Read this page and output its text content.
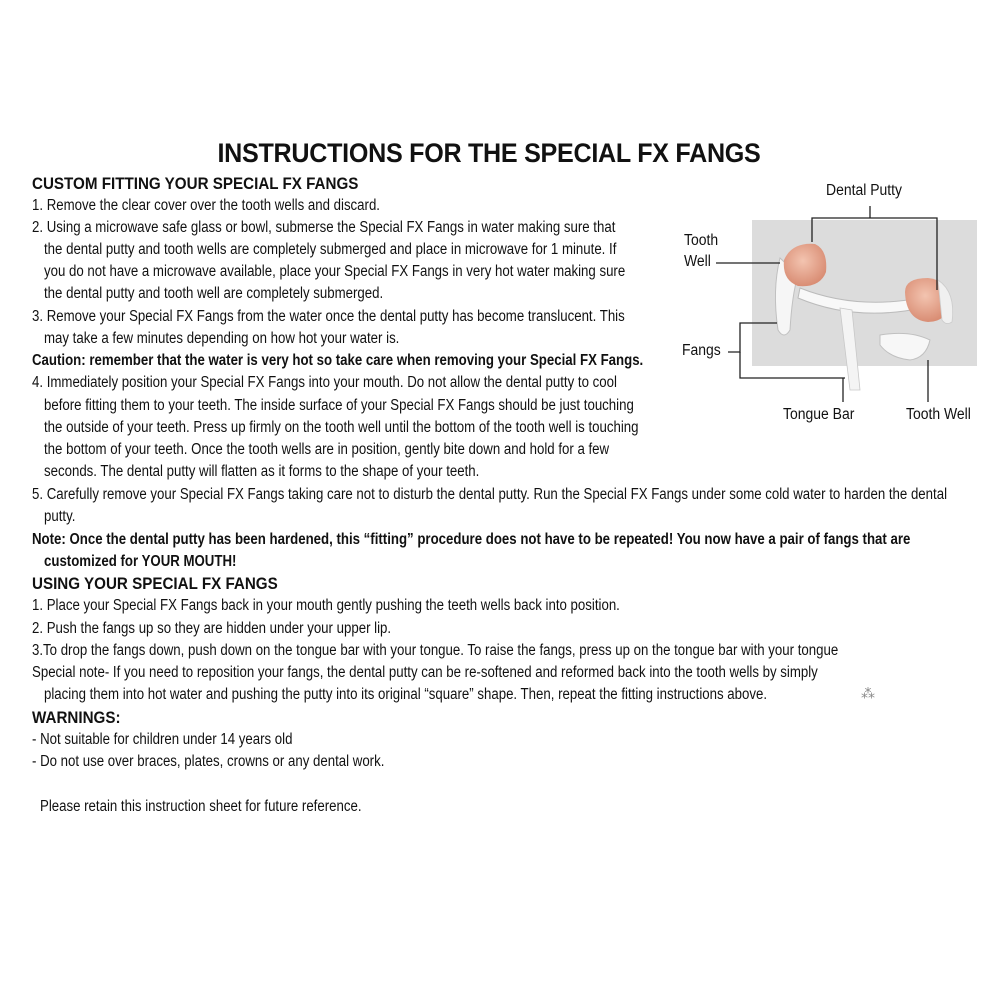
INSTRUCTIONS FOR THE SPECIAL FX FANGS
CUSTOM FITTING YOUR SPECIAL FX FANGS
1. Remove the clear cover over the tooth wells and discard.
2. Using a microwave safe glass or bowl, submerse the Special FX Fangs in water making sure that
the dental putty and tooth wells are completely submerged and place in microwave for 1 minute. If
you do not have a microwave available, place your Special FX Fangs in very hot water making sure
the dental putty and tooth well are completely submerged.
3. Remove your Special FX Fangs from the water once the dental putty has become translucent. This
may take a few minutes depending on how hot your water is.
Caution: remember that the water is very hot so take care when removing your Special FX Fangs.
4. Immediately position your Special FX Fangs into your mouth. Do not allow the dental putty to cool
before fitting them to your teeth. The inside surface of your Special FX Fangs should be just touching
the outside of your teeth. Press up firmly on the tooth well until the bottom of the tooth well is touching
the bottom of your teeth. Once the tooth wells are in position, gently bite down and hold for a few
seconds. The dental putty will flatten as it forms to the shape of your teeth.
5. Carefully remove your Special FX Fangs taking care not to disturb the dental putty. Run the Special FX Fangs under some cold water to harden the dental
putty.
Note: Once the dental putty has been hardened, this “fitting” procedure does not have to be repeated! You now have a pair of fangs that are
customized for YOUR MOUTH!
USING YOUR SPECIAL FX FANGS
1. Place your Special FX Fangs back in your mouth gently pushing the teeth wells back into position.
2. Push the fangs up so they are hidden under your upper lip.
3.To drop the fangs down, push down on the tongue bar with your tongue. To raise the fangs, press up on the tongue bar with your tongue
Special note- If you need to reposition your fangs, the dental putty can be re-softened and reformed back into the tooth wells by simply
placing them into hot water and pushing the putty into its original “square” shape. Then, repeat the fitting instructions above.
WARNINGS:
- Not suitable for children under 14 years old
- Do not use over braces, plates, crowns or any dental work.
Please retain this instruction sheet for future reference.
⁂
Dental Putty
Tooth
Well
Fangs
Tongue Bar	Tooth Well
